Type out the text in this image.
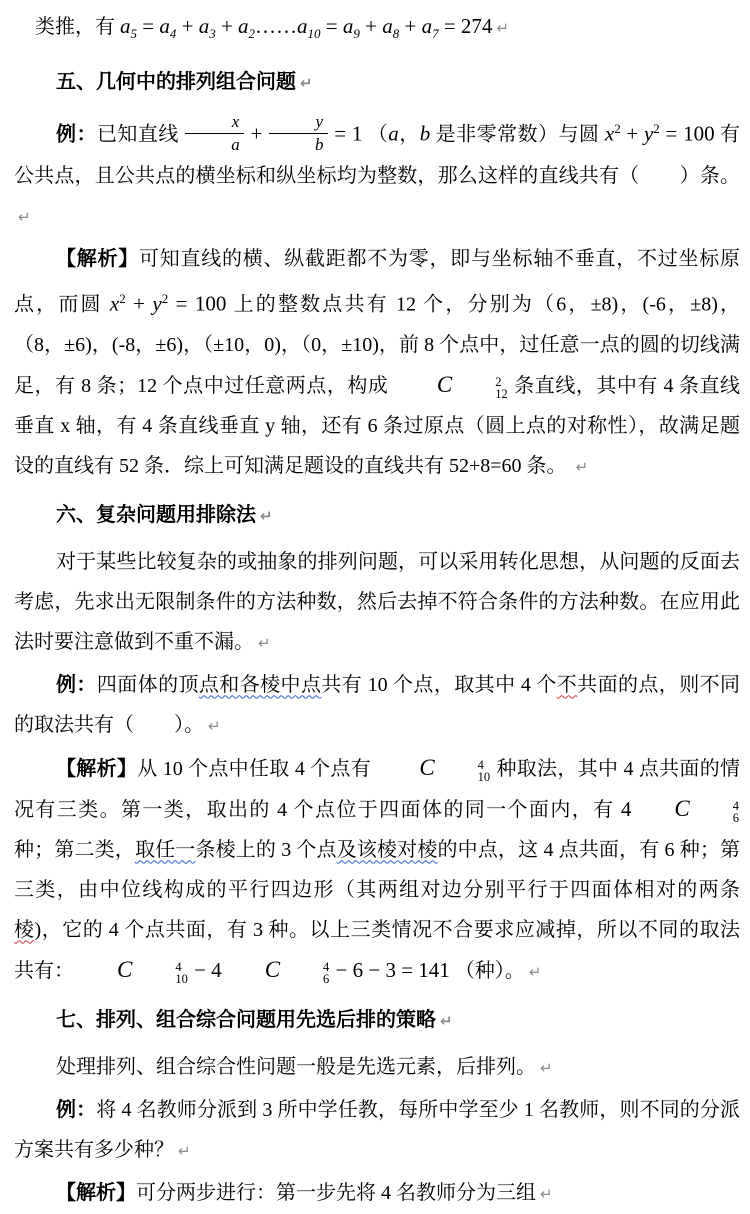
类推，有 $a_5 = a_4 + a_3$ + $a_2\dots\dots a_{10} = a_9 + a_8 + a_7 = 274$ ↵

五、几何中的排列组合问题 ↵

例：已知直线 $\frac{x}{a} + \frac{y}{b} = 1$ （a，b 是非零常数）与圆 $x^2 + y^2 = 100$ 有公共点，且公共点的横坐标和纵坐标均为整数，那么这样的直线共有（　　）条。↵

【解析】可知直线的横、纵截距都不为零，即与坐标轴不垂直，不过坐标原点，而圆 $x^2 + y^2 = 100$ 上的整数点共有 12 个，分别为（6，±8)，(-6，±8)，（8，±6)，(-8，±6)，（±10，0)，（0，±10)，前 8 个点中，过任意一点的圆的切线满足，有 8 条；12 个点中过任意两点，构成 C	2
12 条直线，其中有 4 条直线垂直 x 轴，有 4 条直线垂直 y 轴，还有 6 条过原点（圆上点的对称性），故满足题设的直线有 52 条．综上可知满足题设的直线共有 52+8=60 条。 ↵

六、复杂问题用排除法 ↵

对于某些比较复杂的或抽象的排列问题，可以采用转化思想，从问题的反面去考虑，先求出无限制条件的方法种数，然后去掉不符合条件的方法种数。在应用此法时要注意做到不重不漏。 ↵

例：四面体的顶点和各棱中点共有 10 个点，取其中 4 个不共面的点，则不同的取法共有（　　）。 ↵

【解析】从 10 个点中任取 4 个点有 C	4
10 种取法，其中 4 点共面的情况有三类。第一类，取出的 4 个点位于四面体的同一个面内，有 4 C	4
6
种；第二类，取任一条棱上的 3 个点及该棱对棱的中点，这 4 点共面，有 6 种；第三类，由中位线构成的平行四边形（其两组对边分别平行于四面体相对的两条棱)，它的 4 个点共面，有 3 种。以上三类情况不合要求应减掉，所以不同的取法共有： C	4
10 − 4 C	4
6 − 6 − 3 = 141 （种）。 ↵

七、排列、组合综合问题用先选后排的策略 ↵

处理排列、组合综合性问题一般是先选元素，后排列。 ↵

例：将 4 名教师分派到 3 所中学任教，每所中学至少 1 名教师，则不同的分派方案共有多少种？ ↵

【解析】可分两步进行：第一步先将 4 名教师分为三组 ↵
